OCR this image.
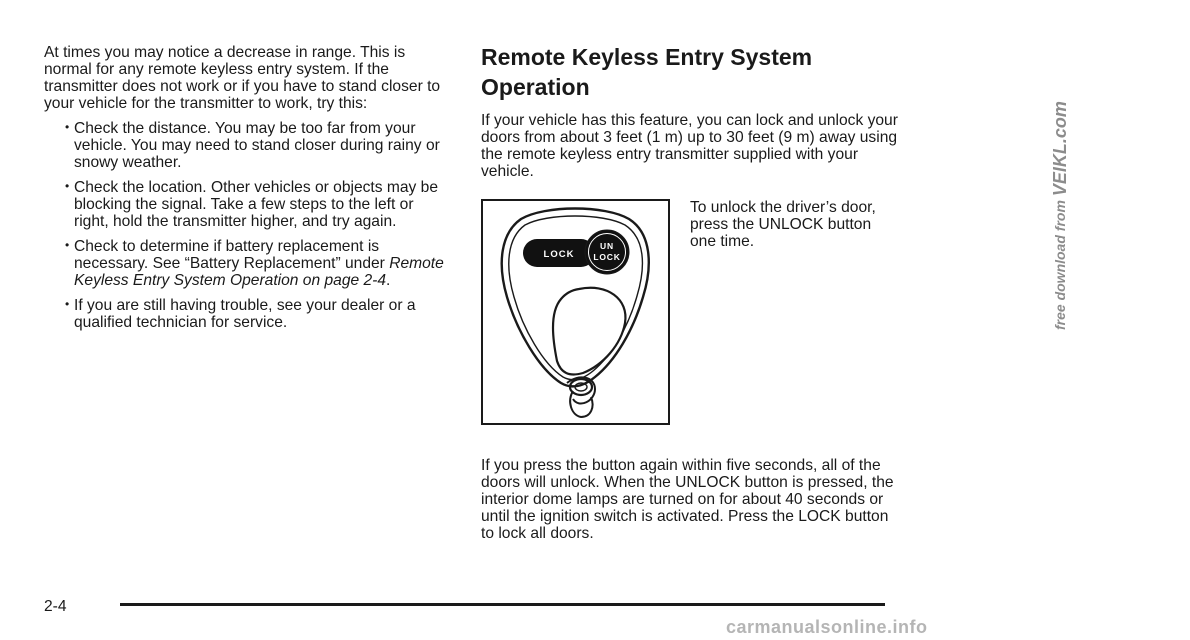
At times you may notice a decrease in range. This is normal for any remote keyless entry system. If the transmitter does not work or if you have to stand closer to your vehicle for the transmitter to work, try this:

• Check the distance. You may be too far from your vehicle. You may need to stand closer during rainy or snowy weather.
• Check the location. Other vehicles or objects may be blocking the signal. Take a few steps to the left or right, hold the transmitter higher, and try again.
• Check to determine if battery replacement is necessary. See “Battery Replacement” under Remote Keyless Entry System Operation on page 2-4.
• If you are still having trouble, see your dealer or a qualified technician for service.
Remote Keyless Entry System Operation

If your vehicle has this feature, you can lock and unlock your doors from about 3 feet (1 m) up to 30 feet (9 m) away using the remote keyless entry transmitter supplied with your vehicle.

LOCK
UN
LOCK

To unlock the driver’s door, press the UNLOCK button one time.

If you press the button again within five seconds, all of the doors will unlock. When the UNLOCK button is pressed, the interior dome lamps are turned on for about 40 seconds or until the ignition switch is activated. Press the LOCK button to lock all doors.

2-4
free download from
VEIKL.com
carmanualsonline.info
